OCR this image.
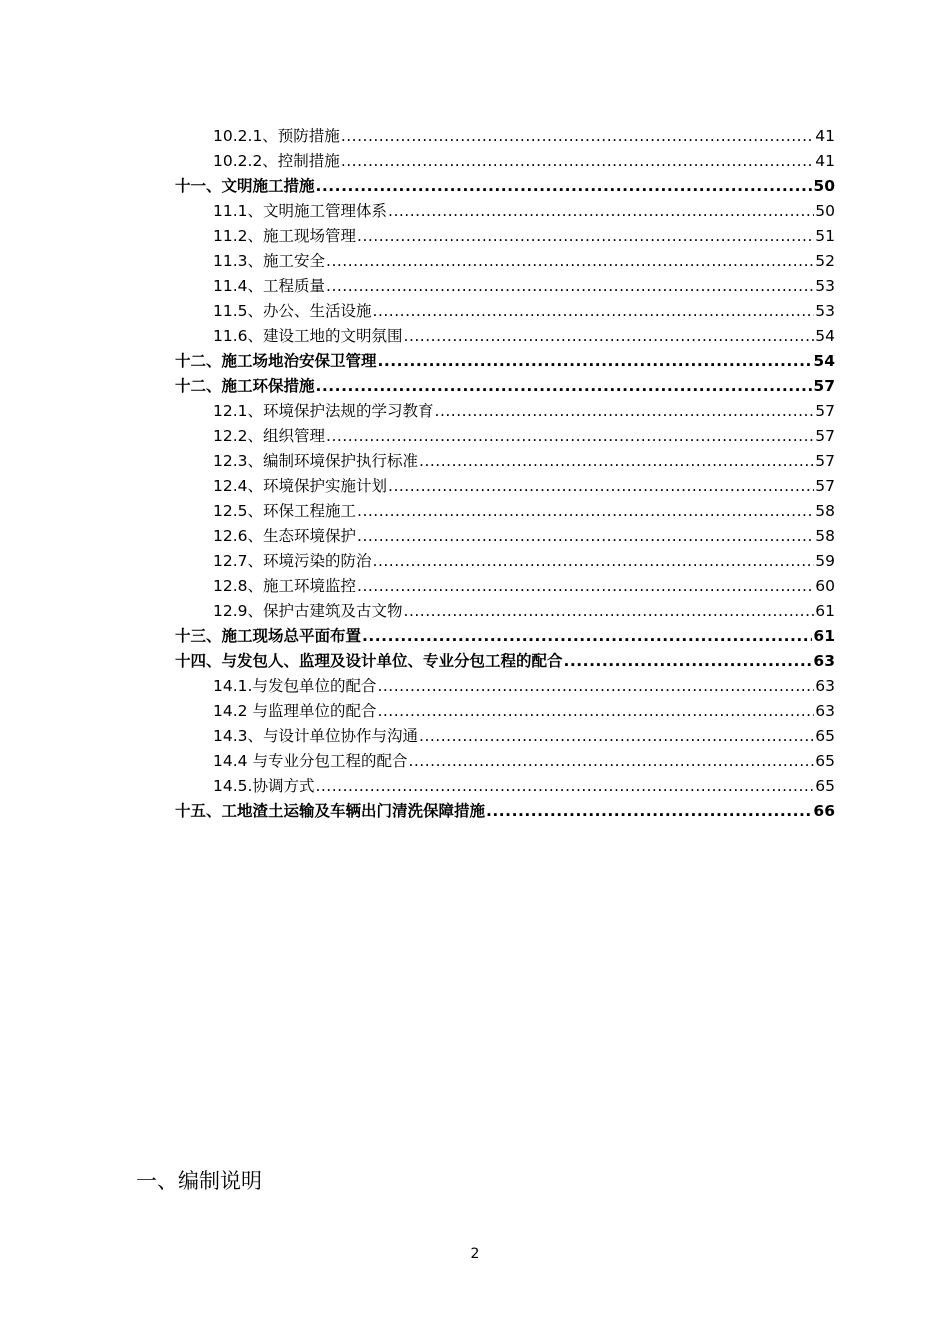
10.2.1、预防措施 .....	41
10.2.2、控制措施 .....	41
十一、文明施工措施 .....	50
11.1、文明施工管理体系 .....	50
11.2、施工现场管理 .....	51
11.3、施工安全 .....	52
11.4、工程质量 .....	53
11.5、办公、生活设施 .....	53
11.6、建设工地的文明氛围 .....	54
十二、施工场地治安保卫管理 .....	54
十二、施工环保措施 .....	57
12.1、环境保护法规的学习教育 .....	57
12.2、组织管理 .....	57
12.3、编制环境保护执行标准 .....	57
12.4、环境保护实施计划 .....	57
12.5、环保工程施工 .....	58
12.6、生态环境保护 .....	58
12.7、环境污染的防治 .....	59
12.8、施工环境监控 .....	60
12.9、保护古建筑及古文物 .....	61
十三、施工现场总平面布置 .....	61
十四、与发包人、监理及设计单位、专业分包工程的配合 .....	63
14.1.与发包单位的配合 .....	63
14.2 与监理单位的配合 .....	63
14.3、与设计单位协作与沟通 .....	65
14.4 与专业分包工程的配合 .....	65
14.5.协调方式 .....	65
十五、工地渣土运输及车辆出门清洗保障措施 .....	66
一、编制说明
2
